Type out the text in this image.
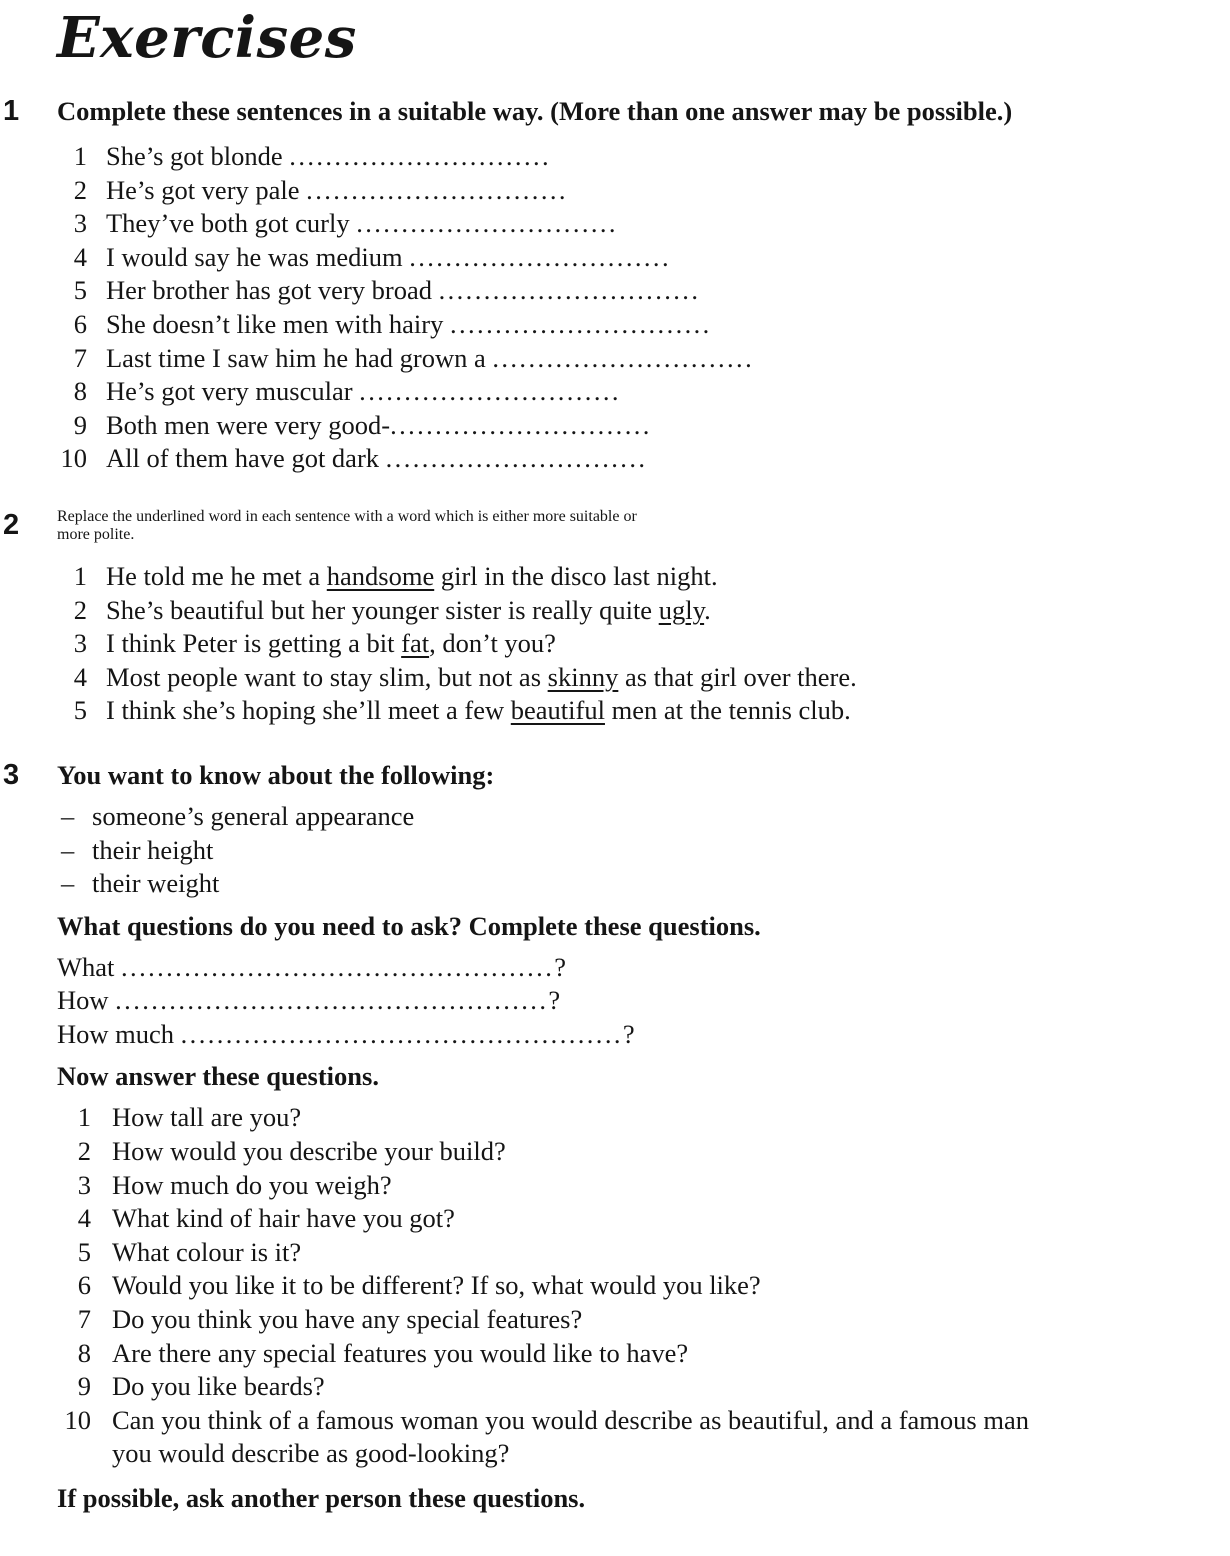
Exercises
1 Complete these sentences in a suitable way. (More than one answer may be possible.)

1 She’s got blonde .............................
2 He’s got very pale .............................
3 They’ve both got curly .............................
4 I would say he was medium .............................
5 Her brother has got very broad .............................
6 She doesn’t like men with hairy .............................
7 Last time I saw him he had grown a .............................
8 He’s got very muscular .............................
9 Both men were very good-.............................
10 All of them have got dark .............................
2 Replace the underlined word in each sentence with a word which is either more suitable or
more polite.

1 He told me he met a handsome girl in the disco last night.
2 She’s beautiful but her younger sister is really quite ugly.
3 I think Peter is getting a bit fat, don’t you?
4 Most people want to stay slim, but not as skinny as that girl over there.
5 I think she’s hoping she’ll meet a few beautiful men at the tennis club.
3 You want to know about the following:

– someone’s general appearance
– their height
– their weight

What questions do you need to ask? Complete these questions.

What ................................................?
How ................................................?
How much .................................................?

Now answer these questions.

1 How tall are you?
2 How would you describe your build?
3 How much do you weigh?
4 What kind of hair have you got?
5 What colour is it?
6 Would you like it to be different? If so, what would you like?
7 Do you think you have any special features?
8 Are there any special features you would like to have?
9 Do you like beards?
10 Can you think of a famous woman you would describe as beautiful, and a famous man
you would describe as good-looking?

If possible, ask another person these questions.
